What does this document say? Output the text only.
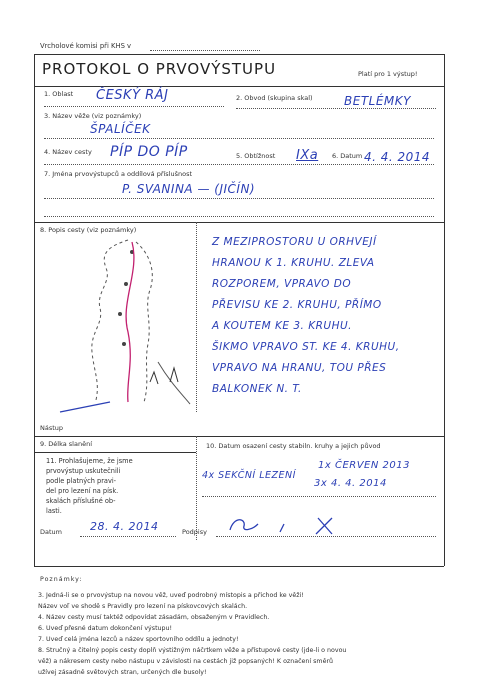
Vrcholové komisi při KHS v
PROTOKOL O PRVOVÝSTUPU	Platí pro 1 výstup!
1. Oblast ČESKÝ RÁJ	2. Obvod (skupina skal)	BETLÉMKY
3. Název věže (viz poznámky)
ŠPALÍČEK
4. Název cesty PÍP DO PÍP	5. Obtížnost IXa 6. Datum 4. 4. 2014
7. Jména prvovýstupců a oddílová příslušnost
P. SVANINA — (JIČÍN)
8. Popis cesty (viz poznámky)
Z MEZIPROSTORU U ORHVEJÍ
HRANOU K 1. KRUHU. ZLEVA
ROZPOREM, VPRAVO DO
PŘEVISU KE 2. KRUHU, PŘÍMO
A KOUTEM KE 3. KRUHU.
ŠIKMO VPRAVO ST. KE 4. KRUHU,
VPRAVO NA HRANU, TOU PŘES
BALKONEK N. T.
Nástup
9. Délka slanění	10. Datum osazení cesty stabiln. kruhy a jejich původ
4x SEKČNÍ LEZENÍ
1x ČERVEN 2013
3x 4. 4. 2014
11. Prohlašujeme, že jsme
prvovýstup uskutečnili
podle platných pravi-
del pro lezení na písk.
skalách příslušné ob-
lasti.
Datum	28. 4. 2014	Podpisy
Poznámky:
3. Jedná-li se o prvovýstup na novou věž, uveď podrobný místopis a přichod ke věži!
Název voľ ve shodě s Pravidly pro lezení na pískovcových skalách.
4. Název cesty musí taktéž odpovídat zásadám, obsaženým v Pravidlech.
6. Uveď přesné datum dokončení výstupu!
7. Uveď celá jména lezců a název sportovního oddílu a jednoty!
8. Stručný a čitelný popis cesty doplň výstižným náčrtkem věže a přístupové cesty (jde-li o novou
věž) a nákresem cesty nebo nástupu v závislosti na cestách již popsaných! K označení směrů
užívej zásadně světových stran, určených dle busoly!
